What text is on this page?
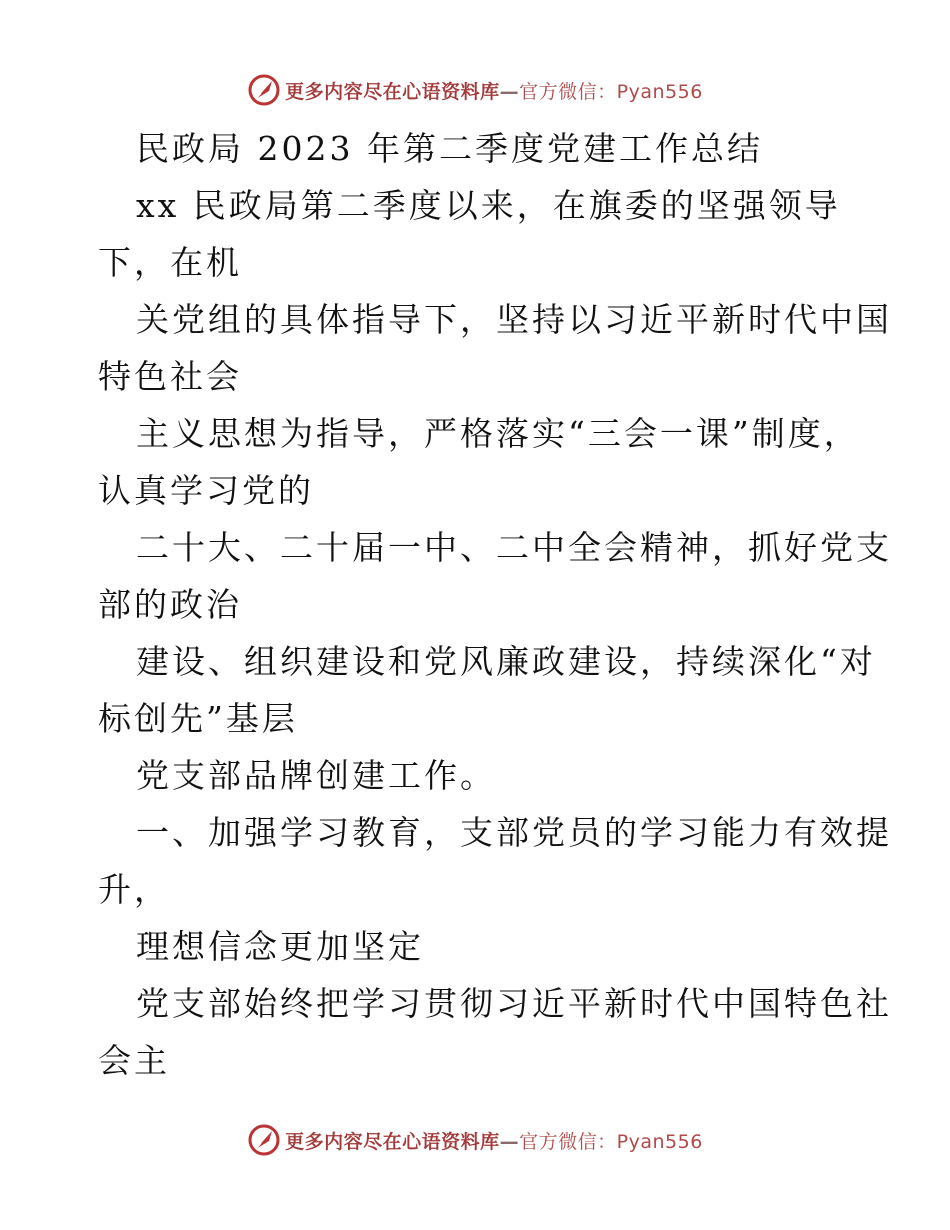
更多内容尽在心语资料库—官方微信：Pyan556
民政局 2023 年第二季度党建工作总结
xx 民政局第二季度以来，在旗委的坚强领导
下，在机
关党组的具体指导下，坚持以习近平新时代中国
特色社会
主义思想为指导，严格落实“三会一课”制度，
认真学习党的
二十大、二十届一中、二中全会精神，抓好党支
部的政治
建设、组织建设和党风廉政建设，持续深化“对
标创先”基层
党支部品牌创建工作。
一、加强学习教育，支部党员的学习能力有效提
升，
理想信念更加坚定
党支部始终把学习贯彻习近平新时代中国特色社
会主
更多内容尽在心语资料库—官方微信：Pyan556
